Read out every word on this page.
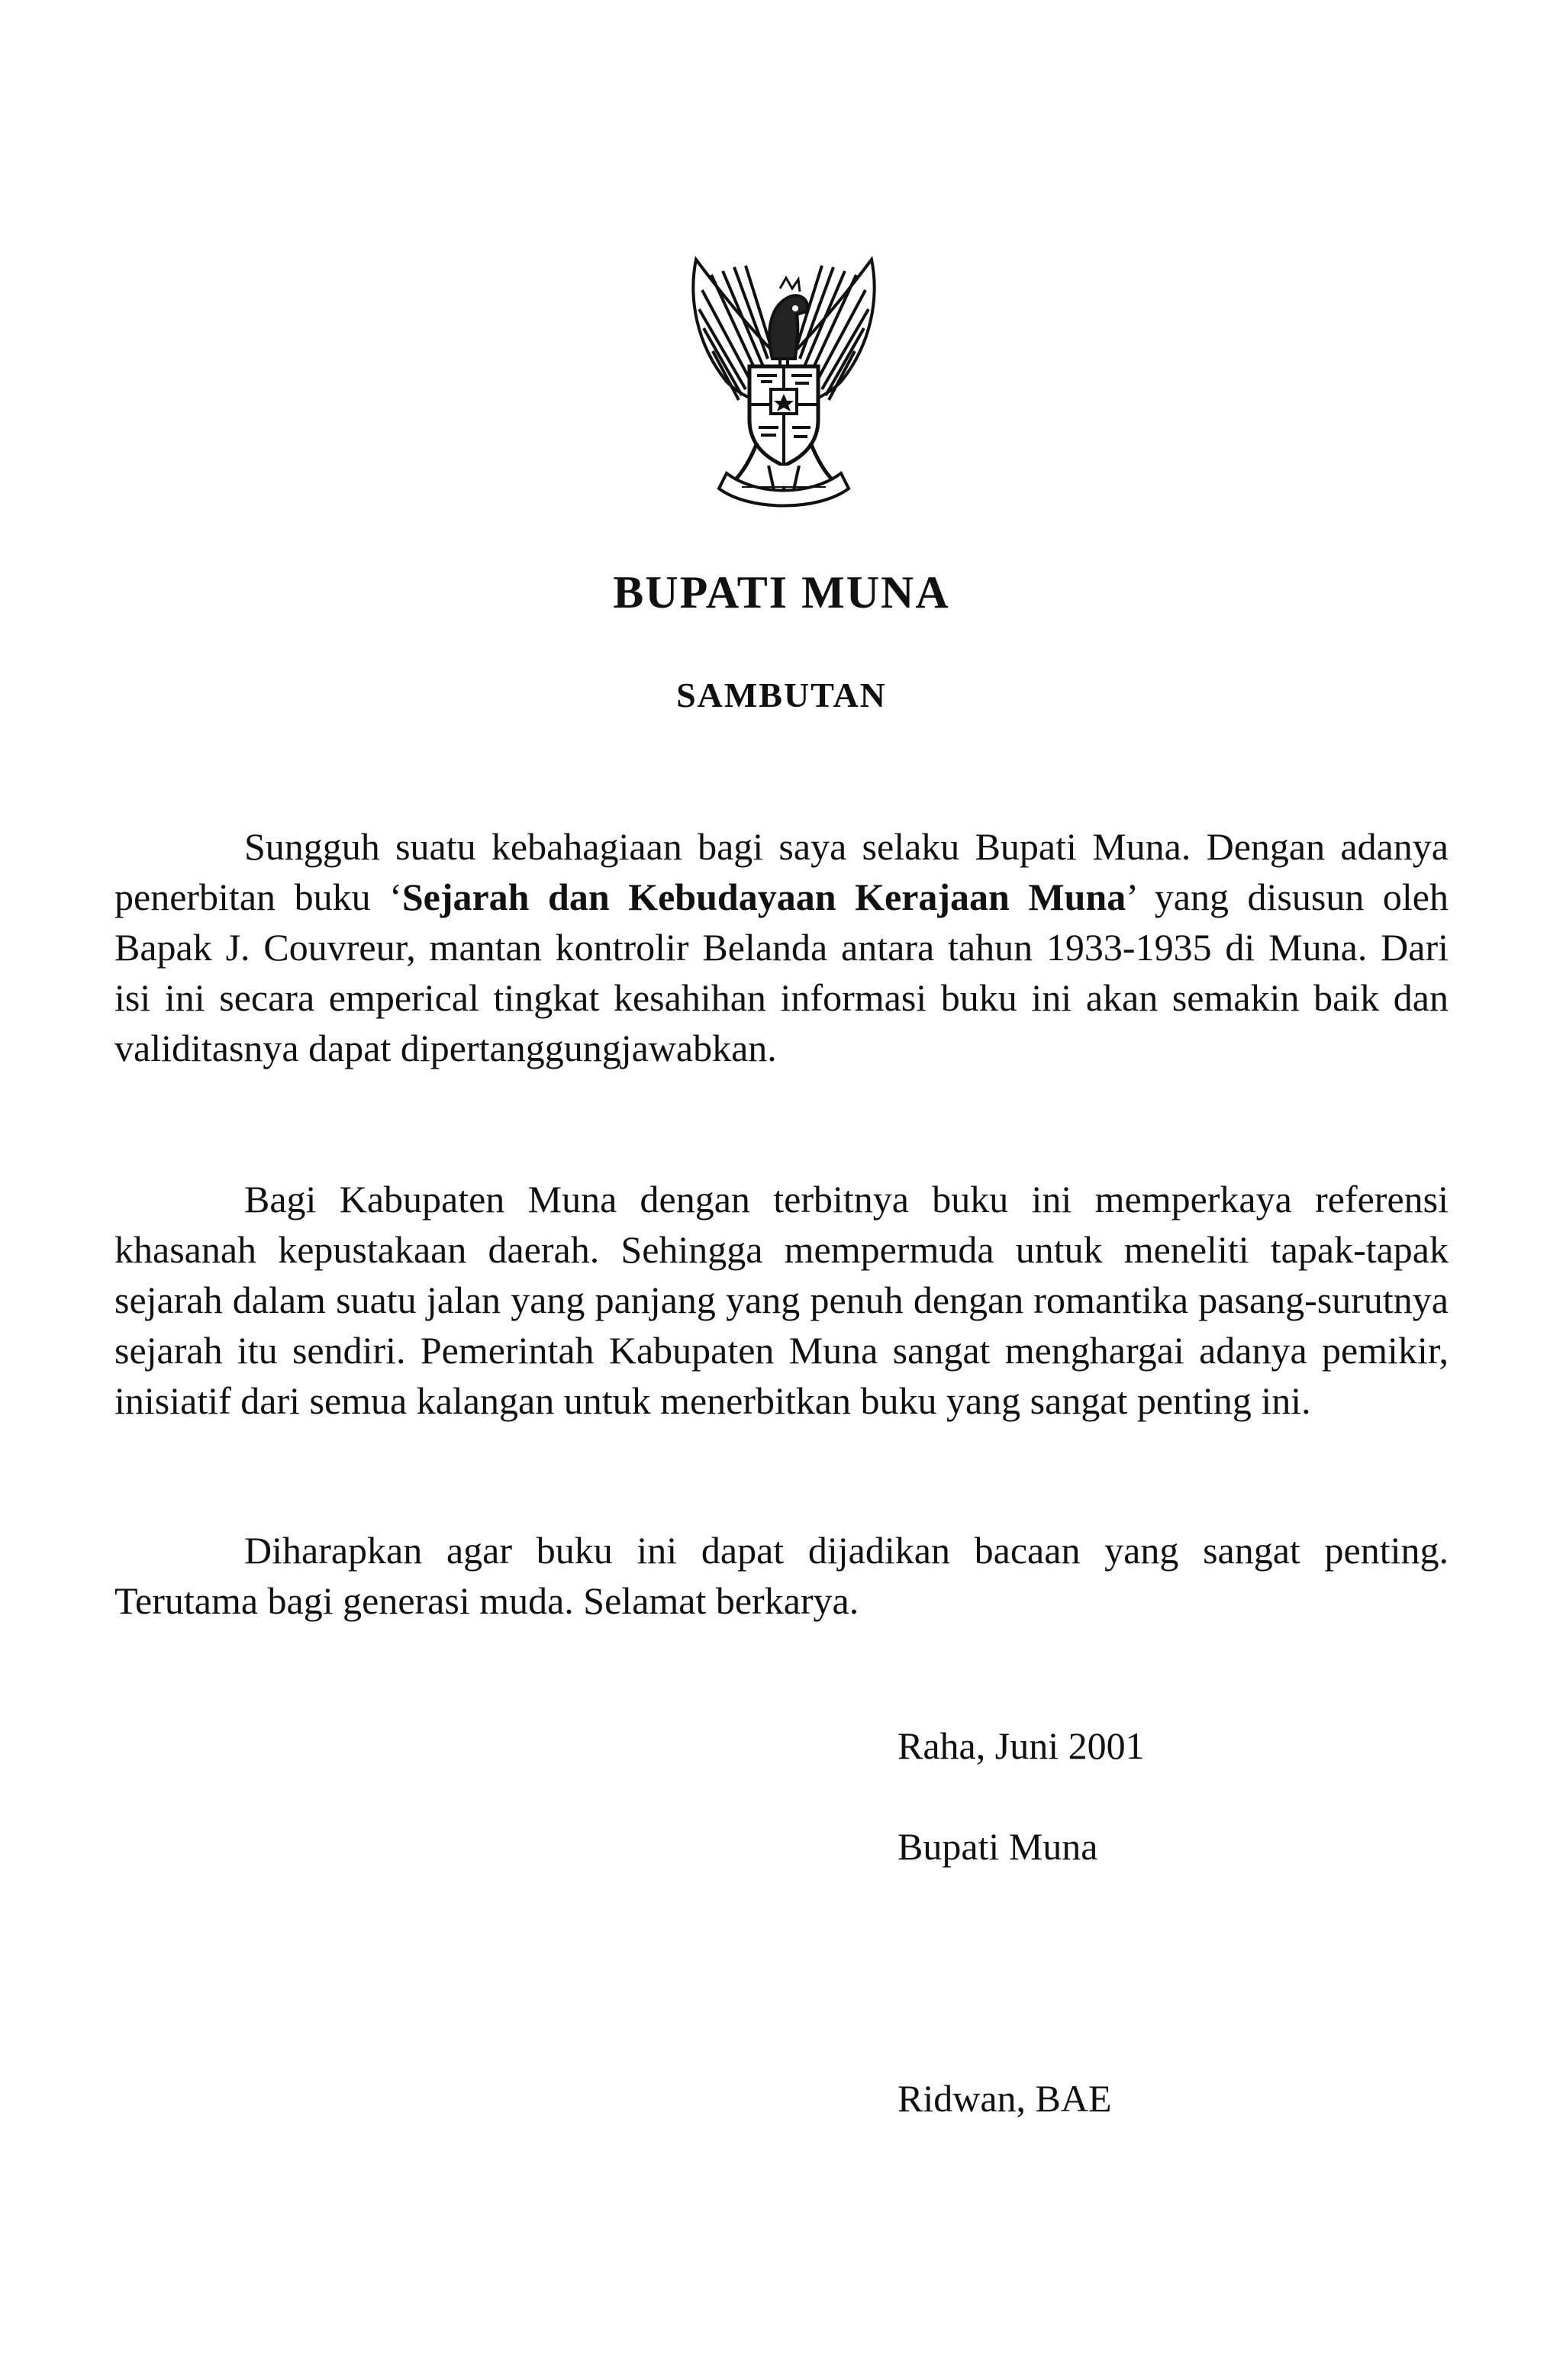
BUPATI MUNA
SAMBUTAN

Sungguh suatu kebahagiaan bagi saya selaku Bupati Muna. Dengan adanya penerbitan buku ‘Sejarah dan Kebudayaan Kerajaan Muna’ yang disusun oleh Bapak J. Couvreur, mantan kontrolir Belanda antara tahun 1933-1935 di Muna. Dari isi ini secara emperical tingkat kesahihan informasi buku ini akan semakin baik dan validitasnya dapat dipertanggungjawabkan.

Bagi Kabupaten Muna dengan terbitnya buku ini memperkaya referensi khasanah kepustakaan daerah. Sehingga mempermuda untuk meneliti tapak-tapak sejarah dalam suatu jalan yang panjang yang penuh dengan romantika pasang-surutnya sejarah itu sendiri. Pemerintah Kabupaten Muna sangat menghargai adanya pemikir, inisiatif dari semua kalangan untuk menerbitkan buku yang sangat penting ini.

Diharapkan agar buku ini dapat dijadikan bacaan yang sangat penting. Terutama bagi generasi muda. Selamat berkarya.

Raha, Juni 2001
Bupati Muna
Ridwan, BAE
